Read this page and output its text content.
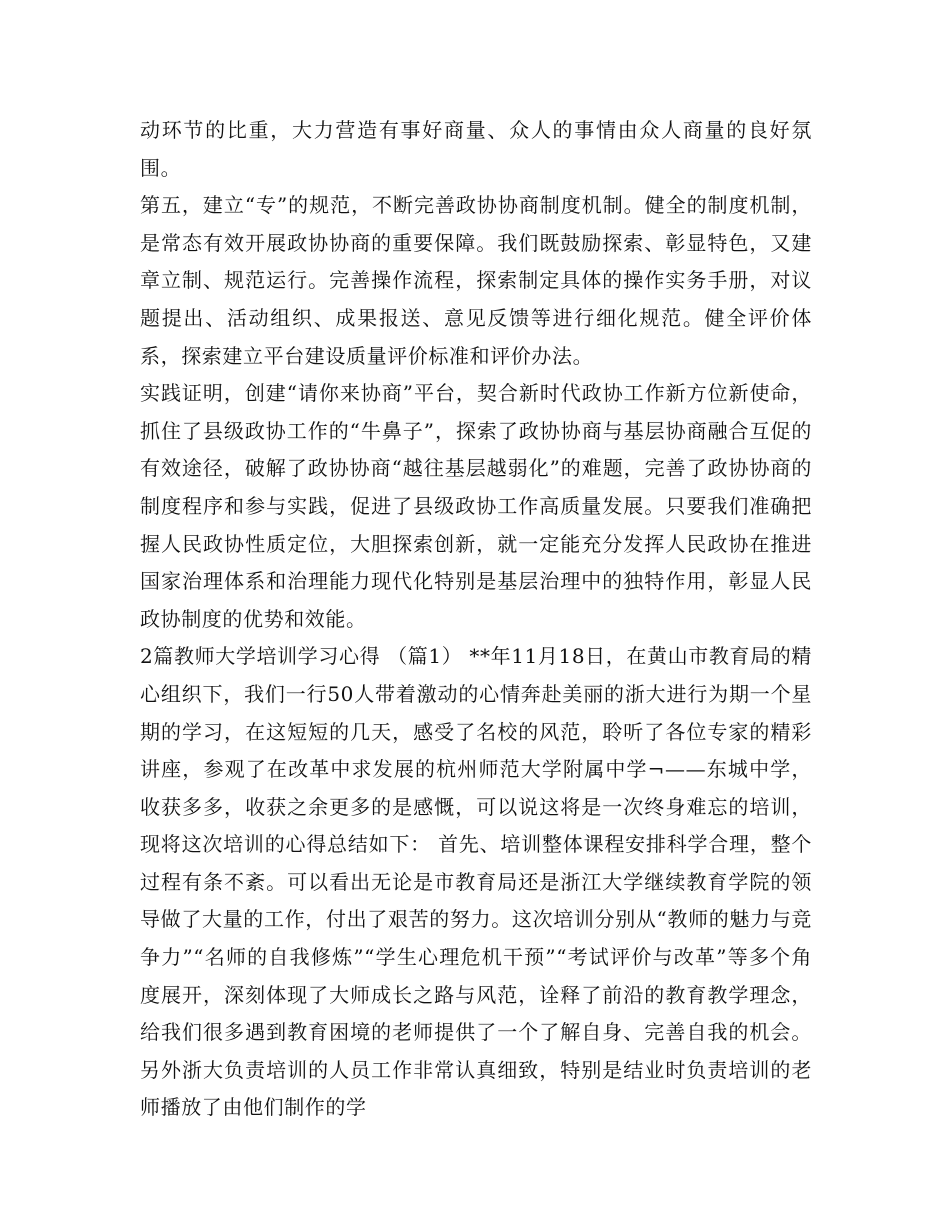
动环节的比重，大力营造有事好商量、众人的事情由众人商量的良好氛围。

第五，建立“专”的规范，不断完善政协协商制度机制。健全的制度机制，是常态有效开展政协协商的重要保障。我们既鼓励探索、彰显特色，又建章立制、规范运行。完善操作流程，探索制定具体的操作实务手册，对议题提出、活动组织、成果报送、意见反馈等进行细化规范。健全评价体系，探索建立平台建设质量评价标准和评价办法。

实践证明，创建“请你来协商”平台，契合新时代政协工作新方位新使命，抓住了县级政协工作的“牛鼻子”，探索了政协协商与基层协商融合互促的有效途径，破解了政协协商“越往基层越弱化”的难题，完善了政协协商的制度程序和参与实践，促进了县级政协工作高质量发展。只要我们准确把握人民政协性质定位，大胆探索创新，就一定能充分发挥人民政协在推进国家治理体系和治理能力现代化特别是基层治理中的独特作用，彰显人民政协制度的优势和效能。

2篇教师大学培训学习心得 （篇1） **年11月18日，在黄山市教育局的精心组织下，我们一行50人带着激动的心情奔赴美丽的浙大进行为期一个星期的学习，在这短短的几天，感受了名校的风范，聆听了各位专家的精彩讲座，参观了在改革中求发展的杭州师范大学附属中学¬——东城中学，收获多多，收获之余更多的是感慨，可以说这将是一次终身难忘的培训，现将这次培训的心得总结如下： 首先、培训整体课程安排科学合理，整个过程有条不紊。可以看出无论是市教育局还是浙江大学继续教育学院的领导做了大量的工作，付出了艰苦的努力。这次培训分别从“教师的魅力与竞争力”“名师的自我修炼”“学生心理危机干预”“考试评价与改革”等多个角度展开，深刻体现了大师成长之路与风范，诠释了前沿的教育教学理念，给我们很多遇到教育困境的老师提供了一个了解自身、完善自我的机会。另外浙大负责培训的人员工作非常认真细致，特别是结业时负责培训的老师播放了由他们制作的学
